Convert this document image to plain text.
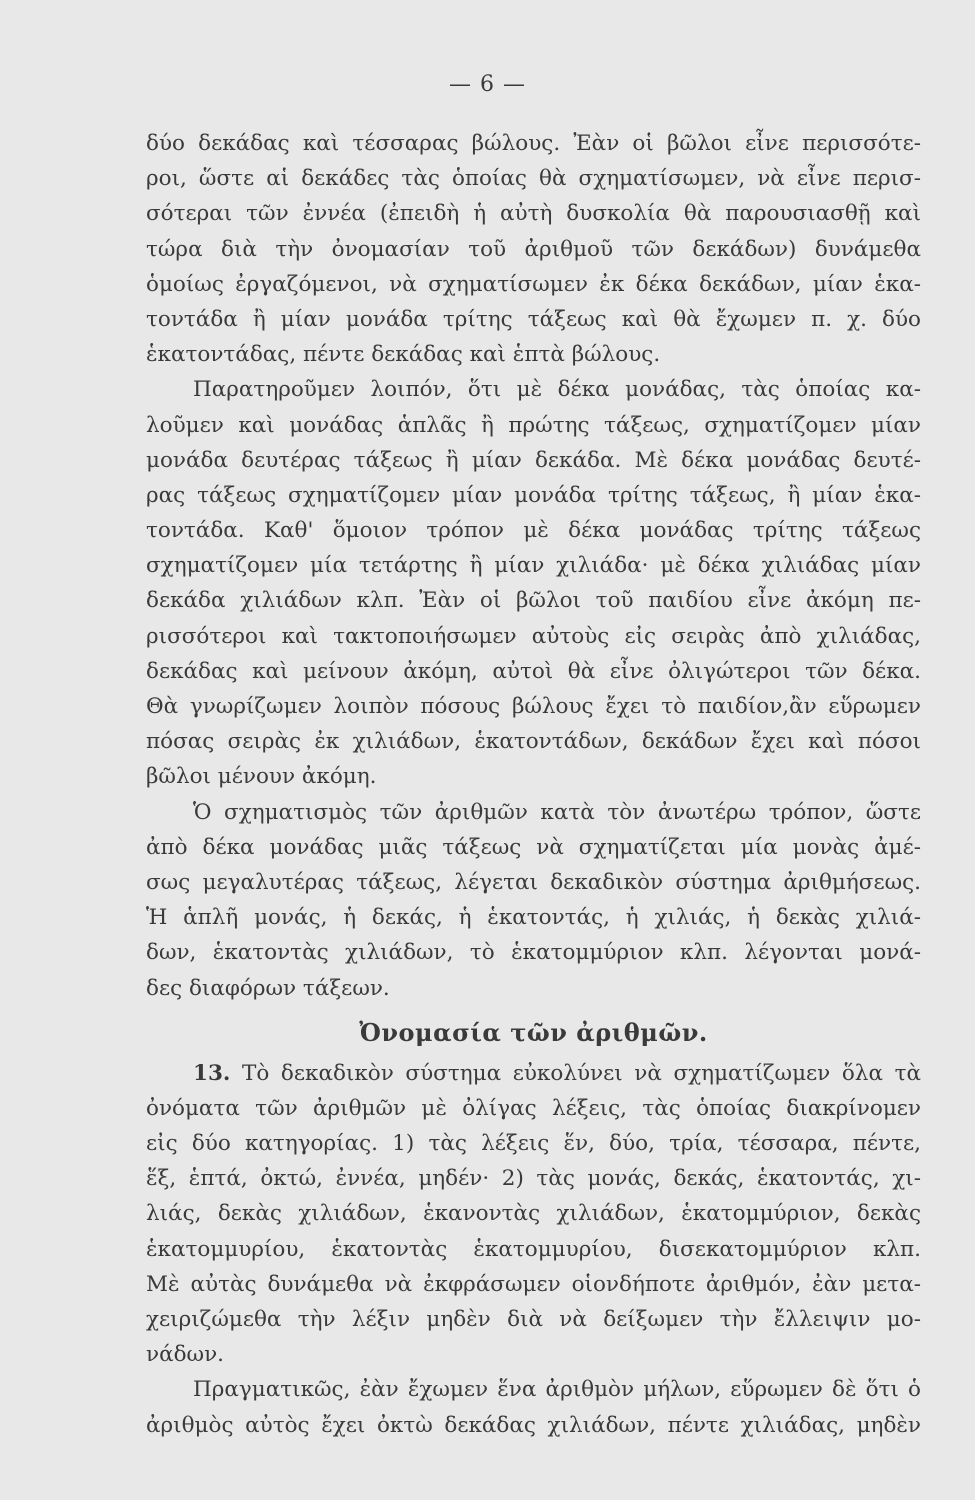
— 6 —
δύο δεκάδας καὶ τέσσαρας βώλους. Ἐὰν οἱ βῶλοι εἶνε περισσότε-
ροι, ὥστε αἱ δεκάδες τὰς ὁποίας θὰ σχηματίσωμεν, νὰ εἶνε περισ-
σότεραι τῶν ἐννέα (ἐπειδὴ ἡ αὐτὴ δυσκολία θὰ παρουσιασθῇ καὶ
τώρα διὰ τὴν ὀνομασίαν τοῦ ἀριθμοῦ τῶν δεκάδων) δυνάμεθα
ὁμοίως ἐργαζόμενοι, νὰ σχηματίσωμεν ἐκ δέκα δεκάδων, μίαν ἑκα-
τοντάδα ἢ μίαν μονάδα τρίτης τάξεως καὶ θὰ ἔχωμεν π. χ. δύο
ἑκατοντάδας, πέντε δεκάδας καὶ ἑπτὰ βώλους.
Παρατηροῦμεν λοιπόν, ὅτι μὲ δέκα μονάδας, τὰς ὁποίας κα-
λοῦμεν καὶ μονάδας ἁπλᾶς ἢ πρώτης τάξεως, σχηματίζομεν μίαν
μονάδα δευτέρας τάξεως ἢ μίαν δεκάδα. Μὲ δέκα μονάδας δευτέ-
ρας τάξεως σχηματίζομεν μίαν μονάδα τρίτης τάξεως, ἢ μίαν ἑκα-
τοντάδα. Καθ' ὅμοιον τρόπον μὲ δέκα μονάδας τρίτης τάξεως
σχηματίζομεν μία τετάρτης ἢ μίαν χιλιάδα· μὲ δέκα χιλιάδας μίαν
δεκάδα χιλιάδων κλπ. Ἐὰν οἱ βῶλοι τοῦ παιδίου εἶνε ἀκόμη πε-
ρισσότεροι καὶ τακτοποιήσωμεν αὐτοὺς εἰς σειρὰς ἀπὸ χιλιάδας,
δεκάδας καὶ μείνουν ἀκόμη, αὐτοὶ θὰ εἶνε ὀλιγώτεροι τῶν δέκα.
Θὰ γνωρίζωμεν λοιπὸν πόσους βώλους ἔχει τὸ παιδίον,ἂν εὕρωμεν
πόσας σειρὰς ἐκ χιλιάδων, ἑκατοντάδων, δεκάδων ἔχει καὶ πόσοι
βῶλοι μένουν ἀκόμη.
Ὁ σχηματισμὸς τῶν ἀριθμῶν κατὰ τὸν ἀνωτέρω τρόπον, ὥστε
ἀπὸ δέκα μονάδας μιᾶς τάξεως νὰ σχηματίζεται μία μονὰς ἀμέ-
σως μεγαλυτέρας τάξεως, λέγεται δεκαδικὸν σύστημα ἀριθμήσεως.
Ἡ ἁπλῆ μονάς, ἡ δεκάς, ἡ ἑκατοντάς, ἡ χιλιάς, ἡ δεκὰς χιλιά-
δων, ἑκατοντὰς χιλιάδων, τὸ ἑκατομμύριον κλπ. λέγονται μονά-
δες διαφόρων τάξεων.
Ὀνομασία τῶν ἀριθμῶν.
13. Τὸ δεκαδικὸν σύστημα εὐκολύνει νὰ σχηματίζωμεν ὅλα τὰ
ὀνόματα τῶν ἀριθμῶν μὲ ὀλίγας λέξεις, τὰς ὁποίας διακρίνομεν
εἰς δύο κατηγορίας. 1) τὰς λέξεις ἕν, δύο, τρία, τέσσαρα, πέντε,
ἕξ, ἑπτά, ὀκτώ, ἐννέα, μηδέν· 2) τὰς μονάς, δεκάς, ἑκατοντάς, χι-
λιάς, δεκὰς χιλιάδων, ἑκανοντὰς χιλιάδων, ἑκατομμύριον, δεκὰς
ἑκατομμυρίου, ἑκατοντὰς ἑκατομμυρίου, δισεκατομμύριον κλπ.
Μὲ αὐτὰς δυνάμεθα νὰ ἐκφράσωμεν οἱονδήποτε ἀριθμόν, ἐὰν μετα-
χειριζώμεθα τὴν λέξιν μηδὲν διὰ νὰ δείξωμεν τὴν ἔλλειψιν μο-
νάδων.
Πραγματικῶς, ἐὰν ἔχωμεν ἕνα ἀριθμὸν μήλων, εὕρωμεν δὲ ὅτι ὁ
ἀριθμὸς αὐτὸς ἔχει ὀκτὼ δεκάδας χιλιάδων, πέντε χιλιάδας, μηδὲν
